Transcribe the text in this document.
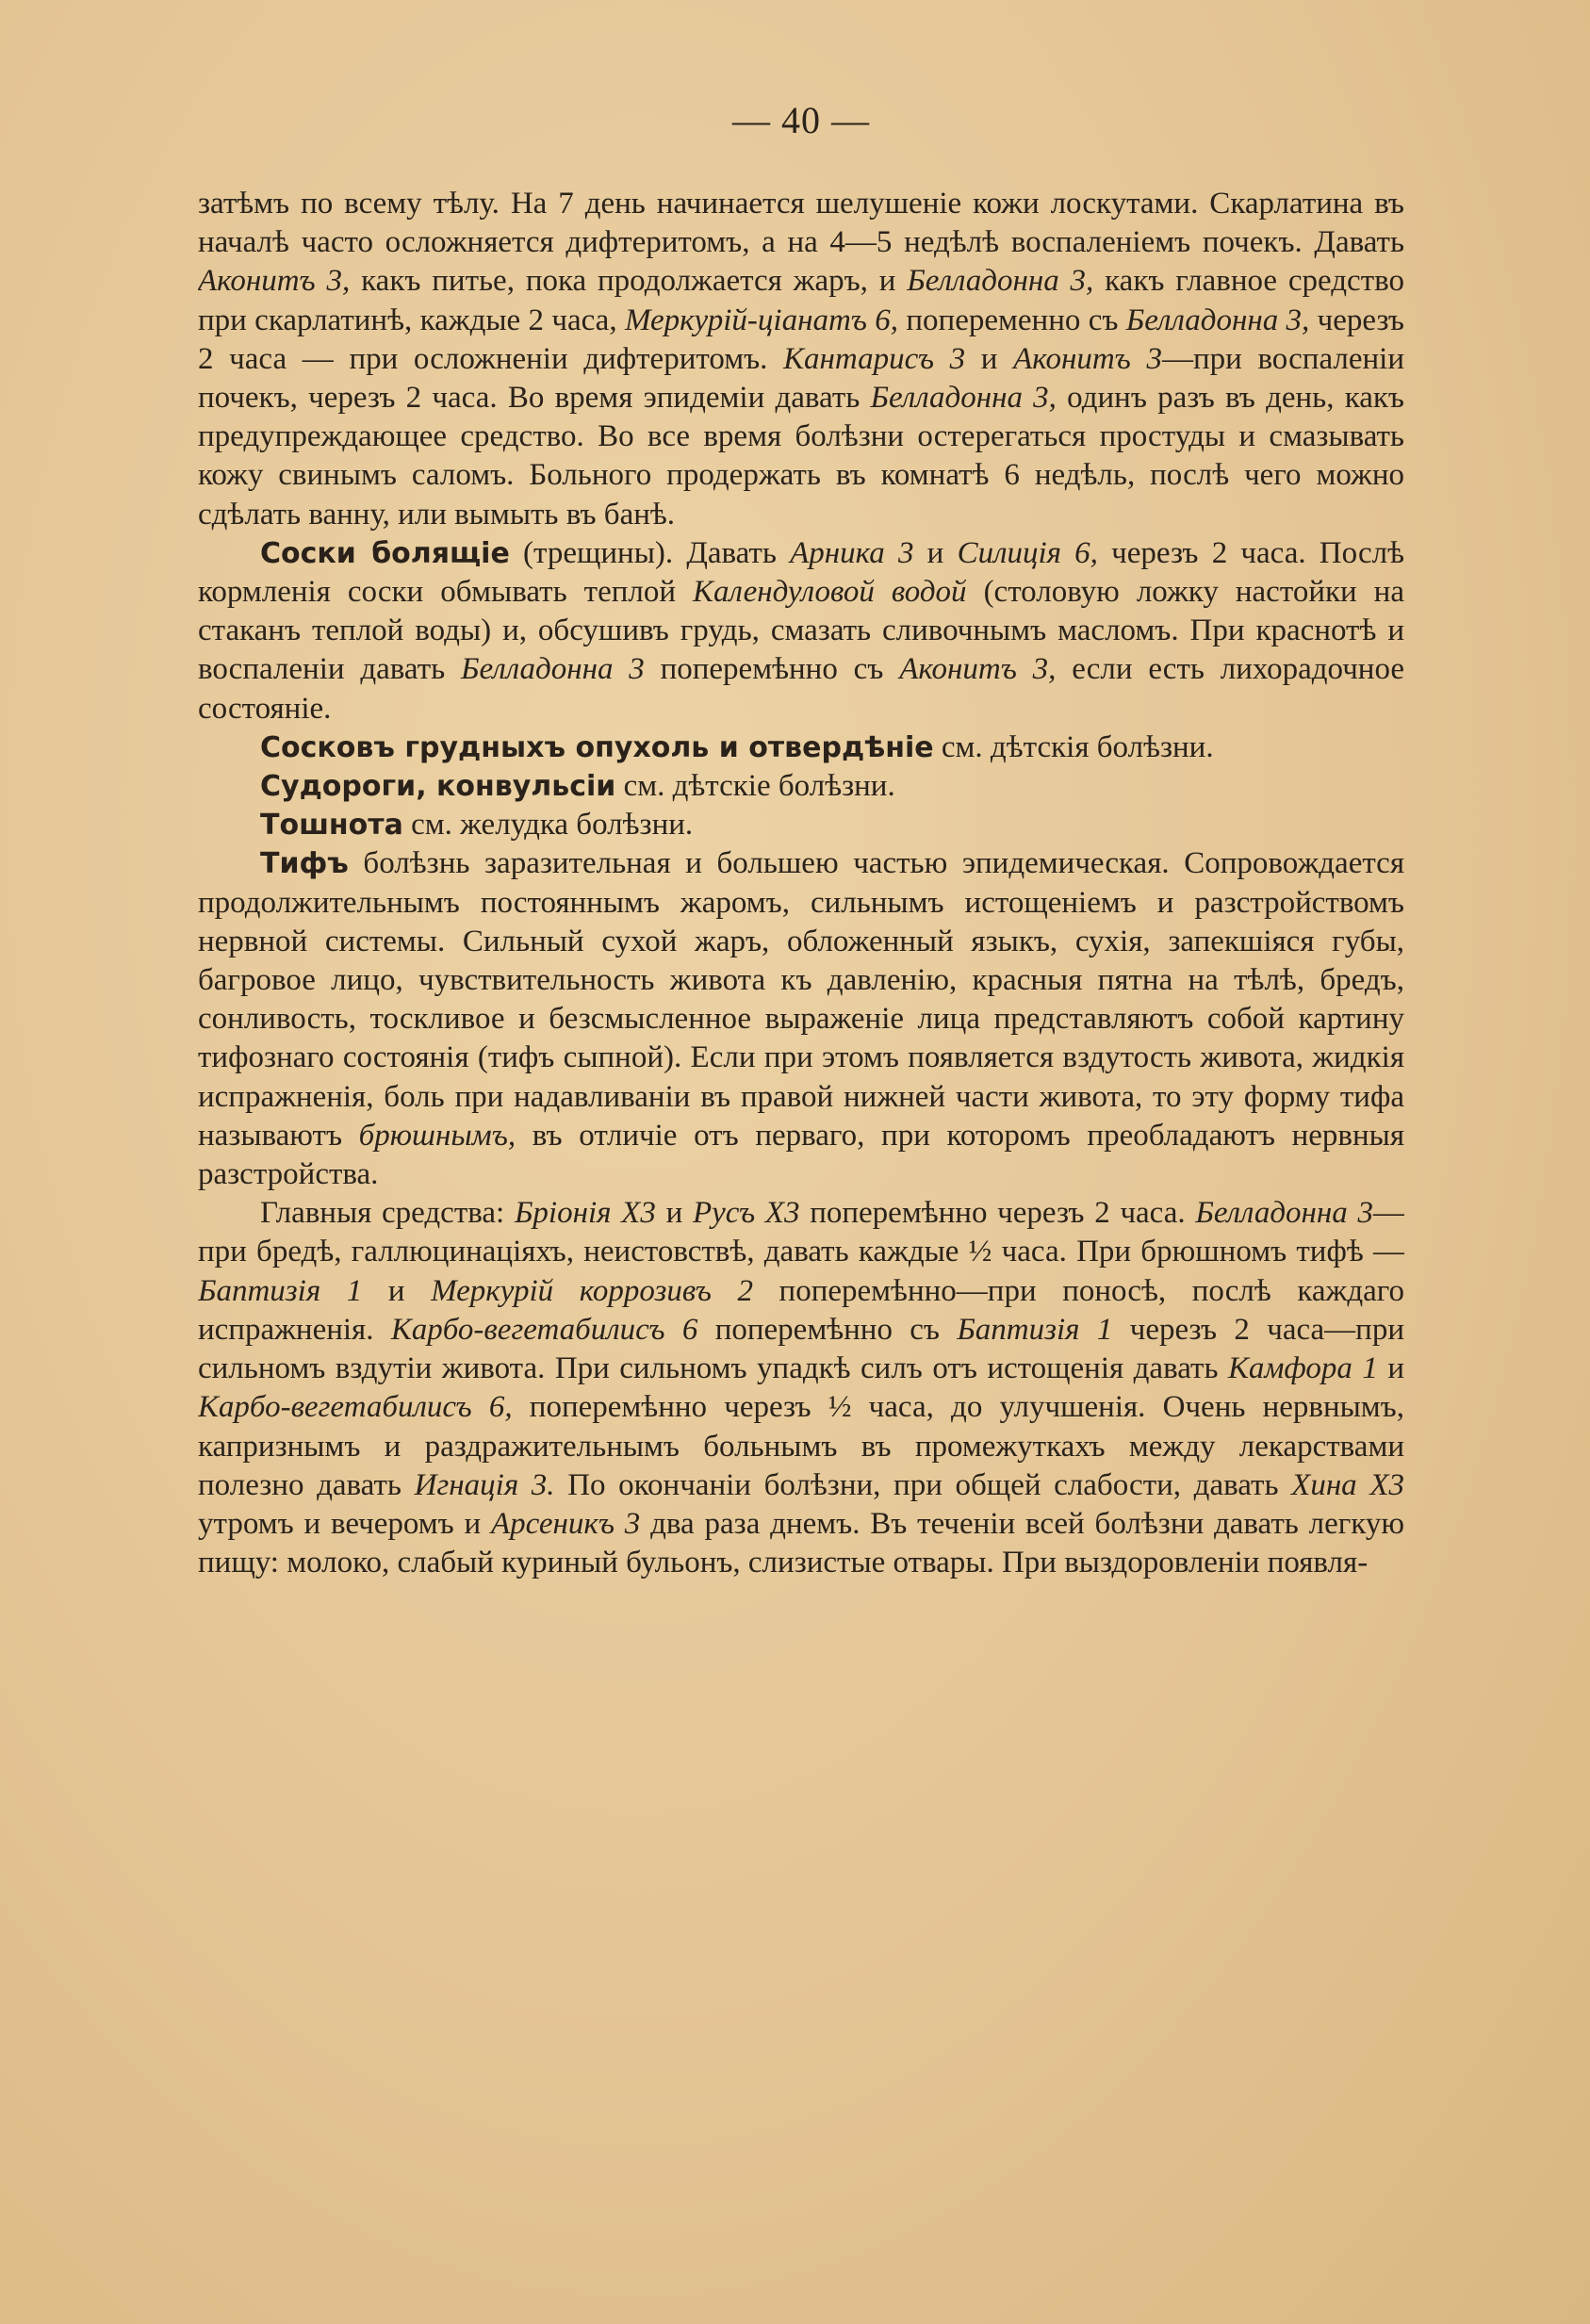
— 40 —

затѣмъ по всему тѣлу. На 7 день начинается шелушеніе кожи лоскутами. Скарлатина въ началѣ часто осложняется дифтеритомъ, а на 4—5 недѣлѣ воспаленіемъ почекъ. Давать Аконитъ 3, какъ питье, пока продолжается жаръ, и Белладонна 3, какъ главное средство при скарлатинѣ, каждые 2 часа, Меркурій-ціанатъ 6, попеременно съ Белладонна 3, черезъ 2 часа — при осложненіи дифтеритомъ. Кантарисъ 3 и Аконитъ 3—при воспаленіи почекъ, черезъ 2 часа. Во время эпидеміи давать Белладонна 3, одинъ разъ въ день, какъ предупреждающее средство. Во все время болѣзни остерегаться простуды и смазывать кожу свинымъ саломъ. Больного продержать въ комнатѣ 6 недѣль, послѣ чего можно сдѣлать ванну, или вымыть въ банѣ.

Соски болящіе (трещины). Давать Арника 3 и Силиція 6, черезъ 2 часа. Послѣ кормленія соски обмывать теплой Календуловой водой (столовую ложку настойки на стаканъ теплой воды) и, обсушивъ грудь, смазать сливочнымъ масломъ. При краснотѣ и воспаленіи давать Белладонна 3 поперемѣнно съ Аконитъ 3, если есть лихорадочное состояніе.

Сосковъ грудныхъ опухоль и отвердѣніе см. дѣтскія болѣзни.

Судороги, конвульсіи см. дѣтскіе болѣзни.

Тошнота см. желудка болѣзни.

Тифъ болѣзнь заразительная и большею частью эпидемическая. Сопровождается продолжительнымъ постояннымъ жаромъ, сильнымъ истощеніемъ и разстройствомъ нервной системы. Сильный сухой жаръ, обложенный языкъ, сухія, запекшіяся губы, багровое лицо, чувствительность живота къ давленію, красныя пятна на тѣлѣ, бредъ, сонливость, тоскливое и безсмысленное выраженіе лица представляютъ собой картину тифознаго состоянія (тифъ сыпной). Если при этомъ появляется вздутость живота, жидкія испражненія, боль при надавливаніи въ правой нижней части живота, то эту форму тифа называютъ брюшнымъ, въ отличіе отъ перваго, при которомъ преобладаютъ нервныя разстройства.

Главныя средства: Бріонія X3 и Русъ X3 поперемѣнно черезъ 2 часа. Белладонна 3—при бредѣ, галлюцинаціяхъ, неистовствѣ, давать каждые ½ часа. При брюшномъ тифѣ — Баптизія 1 и Меркурій коррозивъ 2 поперемѣнно—при поносѣ, послѣ каждаго испражненія. Карбо-вегетабилисъ 6 поперемѣнно съ Баптизія 1 черезъ 2 часа—при сильномъ вздутіи живота. При сильномъ упадкѣ силъ отъ истощенія давать Камфора 1 и Карбо-вегетабилисъ 6, поперемѣнно черезъ ½ часа, до улучшенія. Очень нервнымъ, капризнымъ и раздражительнымъ больнымъ въ промежуткахъ между лекарствами полезно давать Игнація 3. По окончаніи болѣзни, при общей слабости, давать Хина X3 утромъ и вечеромъ и Арсеникъ 3 два раза днемъ. Въ теченіи всей болѣзни давать легкую пищу: молоко, слабый куриный бульонъ, слизистые отвары. При выздоровленіи появля-
